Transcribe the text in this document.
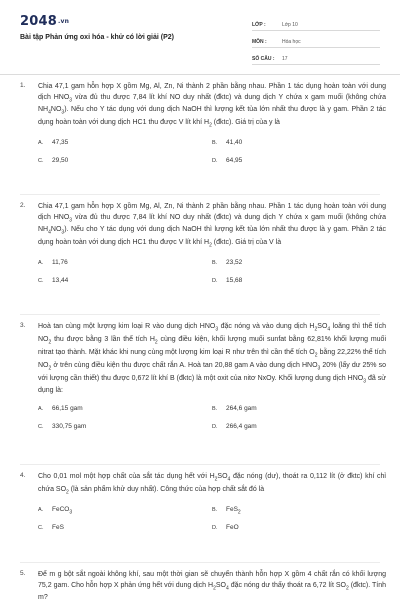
2048.vn
Bài tập Phản ứng oxi hóa - khử có lời giải (P2)
LỚP :	Lớp 10
MÔN :	Hóa học
SỐ CÂU :	17
1. Chia 47,1 gam hỗn hợp X gồm Mg, Al, Zn, Ni thành 2 phần bằng nhau. Phần 1 tác dụng hoàn toàn với dung dịch $HNO_3$ vừa đủ thu được 7,84 lít khí NO duy nhất (đktc) và dung dịch Y chứa x gam muối (không chứa $NH_4NO_3$). Nếu cho Y tác dụng với dung dịch NaOH thì lượng kết tủa lớn nhất thu được là y gam. Phần 2 tác dụng hoàn toàn với dung dịch HC1 thu được V lít khí $H_2$ (đktc). Giá trị của y là
A. 47,35	B. 41,40
C. 29,50	D. 64,95
2. Chia 47,1 gam hỗn hợp X gồm Mg, Al, Zn, Ni thành 2 phần bằng nhau. Phần 1 tác dụng hoàn toàn với dung dịch $HNO_3$ vừa đủ thu được 7,84 lít khí NO duy nhất (đktc) và dung dịch Y chứa x gam muối (không chứa $NH_4NO_3$). Nếu cho Y tác dụng với dung dịch NaOH thì lượng kết tủa lớn nhất thu được là y gam. Phần 2 tác dụng hoàn toàn với dung dịch HC1 thu được V lít khí $H_2$ (đktc). Giá trị của V là
A. 11,76	B. 23,52
C. 13,44	D. 15,68
3. Hoà tan cùng một lượng kim loại R vào dung dịch $HNO_3$ đặc nóng và vào dung dịch $H_2SO_4$ loãng thì thể tích $NO_2$ thu được bằng 3 lần thể tích $H_2$ cùng điều kiện, khối lượng muối sunfat bằng 62,81% khối lượng muối nitrat tạo thành. Mặt khác khi nung cùng một lượng kim loại R như trên thì cần thể tích $O_2$ bằng 22,22% thể tích $NO_2$ ở trên cùng điều kiện thu được chất rắn A. Hoà tan 20,88 gam A vào dung dịch $HNO_3$ 20% (lấy dư 25% so với lượng cần thiết) thu được 0,672 lít khí B (đktc) là một oxit của nitơ NxOy. Khối lượng dung dịch $HNO_3$ đã sử dụng là:
A. 66,15 gam	B. 264,6 gam
C. 330,75 gam	D. 266,4 gam
4. Cho 0,01 mol một hợp chất của sắt tác dụng hết với $H_2SO_4$ đặc nóng (dư), thoát ra 0,112 lít (ở đktc) khí chỉ chứa $SO_2$ (là sản phẩm khử duy nhất). Công thức của hợp chất sắt đó là
A. FeCO$_3$	B. FeS$_2$
C. FeS	D. FeO
5. Để m g bột sắt ngoài không khí, sau một thời gian sẽ chuyển thành hỗn hợp X gồm 4 chất rắn có khối lượng 75,2 gam. Cho hỗn hợp X phản ứng hết với dung dịch $H_2SO_4$ đặc nóng dư thấy thoát ra 6,72 lít $SO_2$ (đktc). Tính m?
